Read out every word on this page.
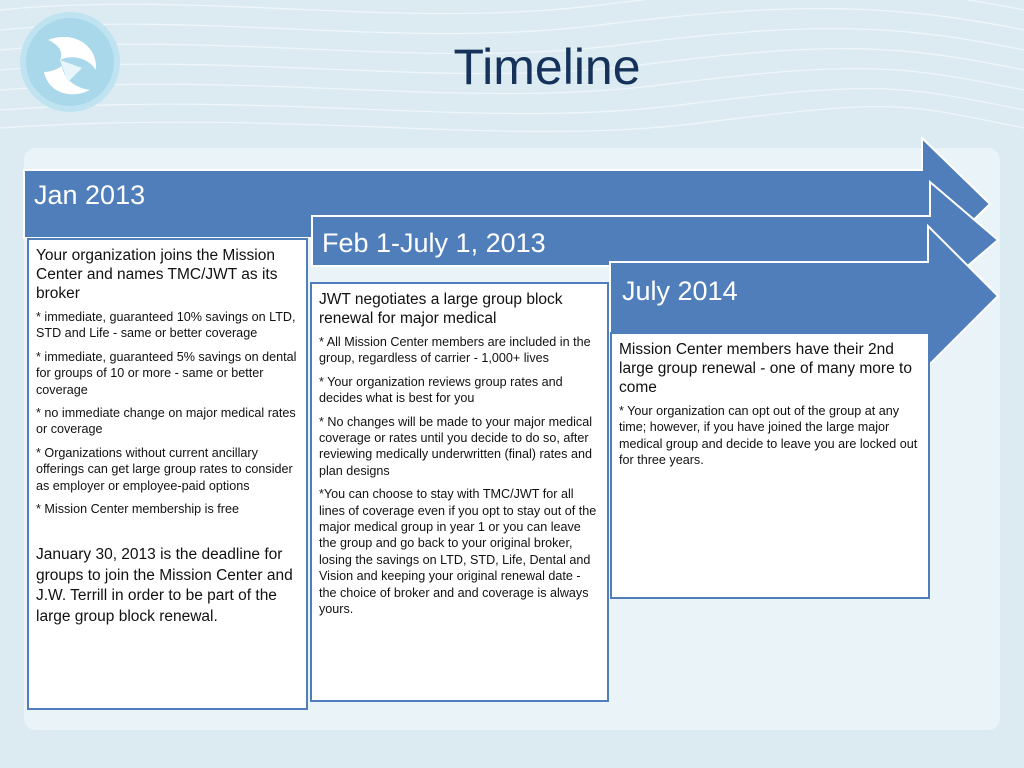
Timeline
Jan 2013
Feb 1-July 1, 2013
July 2014

Your organization joins the Mission Center and names TMC/JWT as its broker

* immediate, guaranteed 10% savings on LTD, STD and Life - same or better coverage

* immediate, guaranteed 5% savings on dental for groups of 10 or more - same or better coverage

* no immediate change on major medical rates or coverage

* Organizations without current ancillary offerings can get large group rates to consider as employer or employee-paid options

* Mission Center membership is free

January 30, 2013 is the deadline for groups to join the Mission Center and J.W. Terrill in order to be part of the large group block renewal.

JWT negotiates a large group block renewal for major medical

* All Mission Center members are included in the group, regardless of carrier - 1,000+ lives

* Your organization reviews group rates and decides what is best for you

* No changes will be made to your major medical coverage or rates until you decide to do so, after reviewing medically underwritten (final) rates and plan designs

*You can choose to stay with TMC/JWT for all lines of coverage even if you opt to stay out of the major medical group in year 1 or you can leave the group and go back to your original broker, losing the savings on LTD, STD, Life, Dental and Vision and keeping your original renewal date - the choice of broker and and coverage is always yours.

Mission Center members have their 2nd large group renewal - one of many more to come

* Your organization can opt out of the group at any time; however, if you have joined the large major medical group and decide to leave you are locked out for three years.
